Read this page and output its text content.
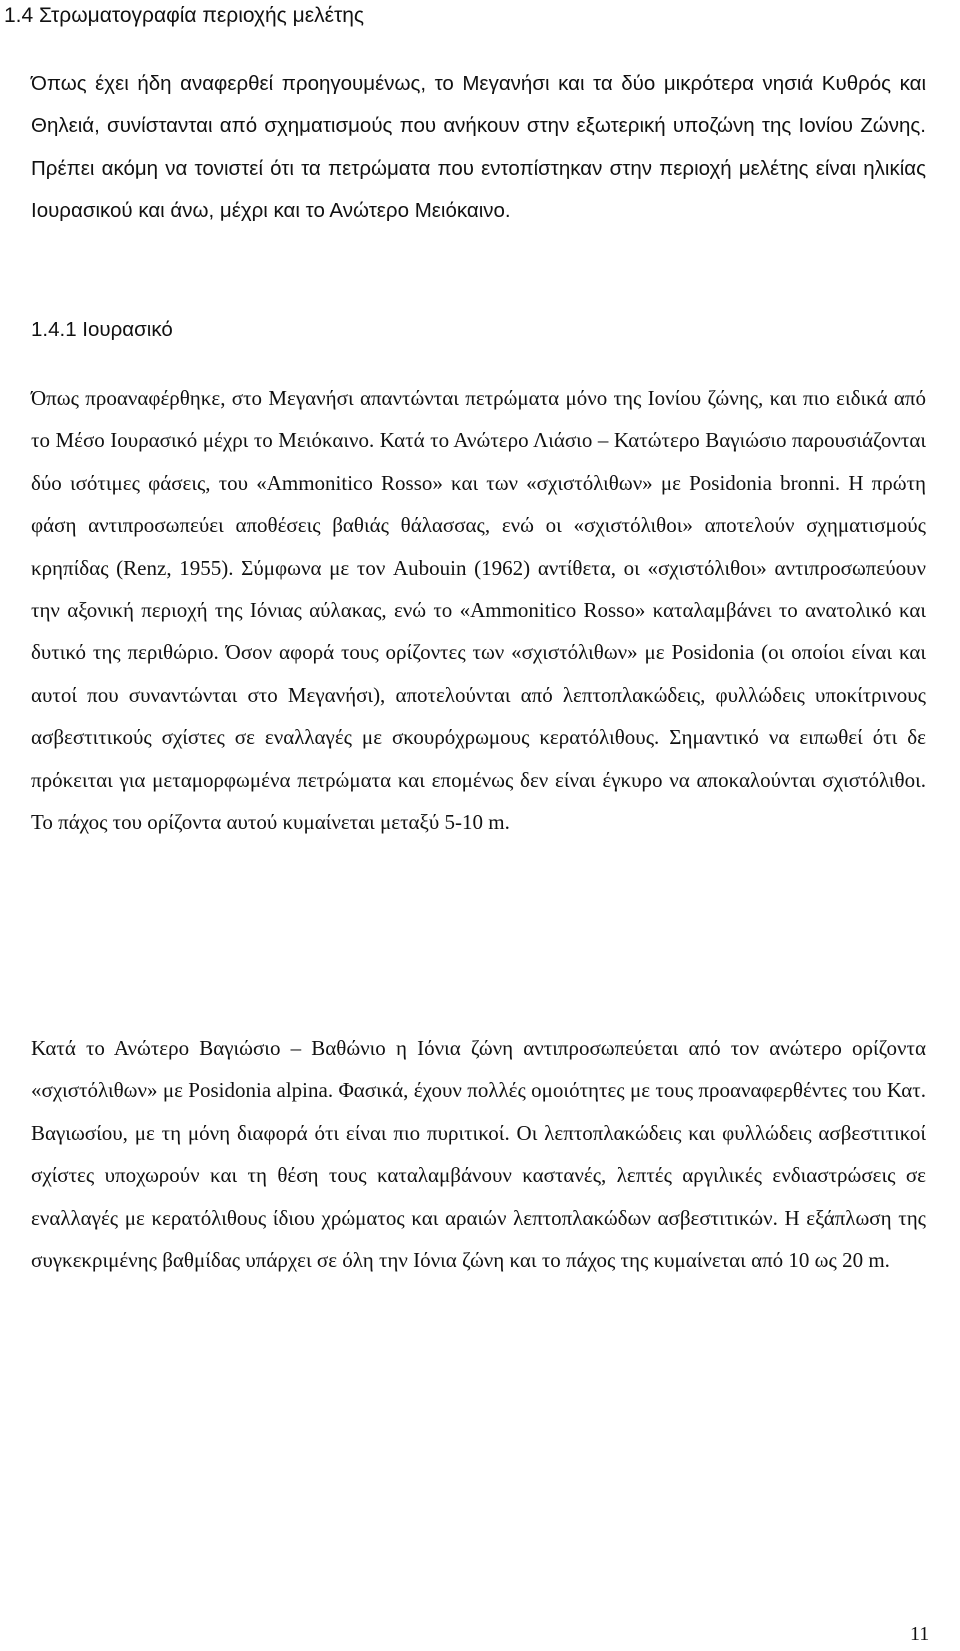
1.4 Στρωματογραφία περιοχής μελέτης

Όπως έχει ήδη αναφερθεί προηγουμένως, το Μεγανήσι και τα δύο μικρότερα νησιά Κυθρός και Θηλειά, συνίστανται από σχηματισμούς που ανήκουν στην εξωτερική υποζώνη της Ιονίου Ζώνης. Πρέπει ακόμη να τονιστεί ότι τα πετρώματα που εντοπίστηκαν στην περιοχή μελέτης είναι ηλικίας Ιουρασικού και άνω, μέχρι και το Ανώτερο Μειόκαινο.

1.4.1 Ιουρασικό

Όπως προαναφέρθηκε, στο Μεγανήσι απαντώνται πετρώματα μόνο της Ιονίου ζώνης, και πιο ειδικά από το Μέσο Ιουρασικό μέχρι το Μειόκαινο. Κατά το Ανώτερο Λιάσιο – Κατώτερο Βαγιώσιο παρουσιάζονται δύο ισότιμες φάσεις, του «Ammonitico Rosso» και των «σχιστόλιθων» με Posidonia bronni. Η πρώτη φάση αντιπροσωπεύει αποθέσεις βαθιάς θάλασσας, ενώ οι «σχιστόλιθοι» αποτελούν σχηματισμούς κρηπίδας (Renz, 1955). Σύμφωνα με τον Aubouin (1962) αντίθετα, οι «σχιστόλιθοι» αντιπροσωπεύουν την αξονική περιοχή της Ιόνιας αύλακας, ενώ το «Ammonitico Rosso» καταλαμβάνει το ανατολικό και δυτικό της περιθώριο. Όσον αφορά τους ορίζοντες των «σχιστόλιθων» με Posidonia (οι οποίοι είναι και αυτοί που συναντώνται στο Μεγανήσι), αποτελούνται από λεπτοπλακώδεις, φυλλώδεις υποκίτρινους ασβεστιτικούς σχίστες σε εναλλαγές με σκουρόχρωμους κερατόλιθους. Σημαντικό να ειπωθεί ότι δε πρόκειται για μεταμορφωμένα πετρώματα και επομένως δεν είναι έγκυρο να αποκαλούνται σχιστόλιθοι. Το πάχος του ορίζοντα αυτού κυμαίνεται μεταξύ 5-10 m.

Κατά το Ανώτερο Βαγιώσιο – Βαθώνιο η Ιόνια ζώνη αντιπροσωπεύεται από τον ανώτερο ορίζοντα «σχιστόλιθων» με Posidonia alpina. Φασικά, έχουν πολλές ομοιότητες με τους προαναφερθέντες του Κατ. Βαγιωσίου, με τη μόνη διαφορά ότι είναι πιο πυριτικοί. Οι λεπτοπλακώδεις και φυλλώδεις ασβεστιτικοί σχίστες υποχωρούν και τη θέση τους καταλαμβάνουν καστανές, λεπτές αργιλικές ενδιαστρώσεις σε εναλλαγές με κερατόλιθους ίδιου χρώματος και αραιών λεπτοπλακώδων ασβεστιτικών. Η εξάπλωση της συγκεκριμένης βαθμίδας υπάρχει σε όλη την Ιόνια ζώνη και το πάχος της κυμαίνεται από 10 ως 20 m.

11
